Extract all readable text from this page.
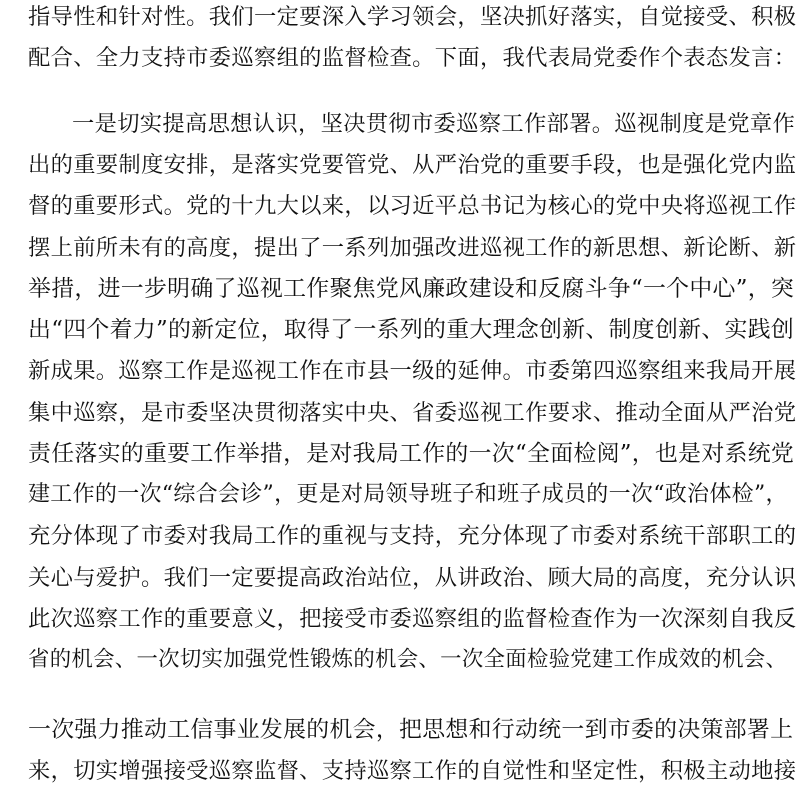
指导性和针对性。我们一定要深入学习领会，坚决抓好落实，自觉接受、积极
配合、全力支持市委巡察组的监督检查。下面，我代表局党委作个表态发言：
一是切实提高思想认识，坚决贯彻市委巡察工作部署。巡视制度是党章作
出的重要制度安排，是落实党要管党、从严治党的重要手段，也是强化党内监
督的重要形式。党的十九大以来，以习近平总书记为核心的党中央将巡视工作
摆上前所未有的高度，提出了一系列加强改进巡视工作的新思想、新论断、新
举措，进一步明确了巡视工作聚焦党风廉政建设和反腐斗争“一个中心”，突
出“四个着力”的新定位，取得了一系列的重大理念创新、制度创新、实践创
新成果。巡察工作是巡视工作在市县一级的延伸。市委第四巡察组来我局开展
集中巡察，是市委坚决贯彻落实中央、省委巡视工作要求、推动全面从严治党
责任落实的重要工作举措，是对我局工作的一次“全面检阅”，也是对系统党
建工作的一次“综合会诊”，更是对局领导班子和班子成员的一次“政治体检”，
充分体现了市委对我局工作的重视与支持，充分体现了市委对系统干部职工的
关心与爱护。我们一定要提高政治站位，从讲政治、顾大局的高度，充分认识
此次巡察工作的重要意义，把接受市委巡察组的监督检查作为一次深刻自我反
省的机会、一次切实加强党性锻炼的机会、一次全面检验党建工作成效的机会、
一次强力推动工信事业发展的机会，把思想和行动统一到市委的决策部署上
来，切实增强接受巡察监督、支持巡察工作的自觉性和坚定性，积极主动地接
